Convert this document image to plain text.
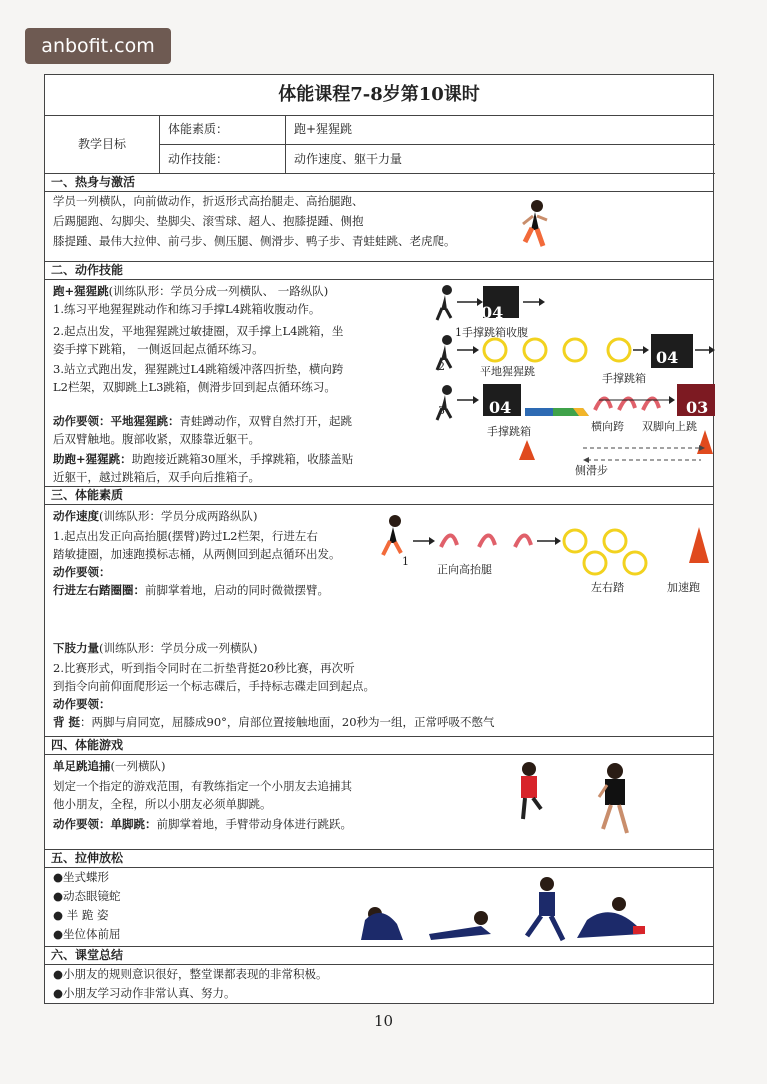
anbofit.com
体能课程7-8岁第10课时
教学目标
体能素质：	跑+猩猩跳
动作技能：	动作速度、躯干力量
一、热身与激活
学员一列横队，向前做动作，折返形式高抬腿走、高抬腿跑、
后踢腿跑、勾脚尖、垫脚尖、滚雪球、超人、抱膝提踵、侧抱
膝提踵、最伟大拉伸、前弓步、侧压腿、侧滑步、鸭子步、青蛙蛙跳、老虎爬。
二、动作技能
跑+猩猩跳(训练队形：学员分成一列横队、 一路纵队)
1.练习平地猩猩跳动作和练习手撑L4跳箱收腹动作。
2.起点出发，平地猩猩跳过敏捷圈，双手撑上L4跳箱，坐
姿手撑下跳箱， 一侧返回起点循环练习。
3.站立式跑出发，猩猩跳过L4跳箱缓冲落四折垫，横向跨
L2栏架，双脚跳上L3跳箱，侧滑步回到起点循环练习。
动作要领：平地猩猩跳：青蛙蹲动作，双臂自然打开，起跳
后双臂触地。腹部收紧，双膝靠近躯干。
助跑+猩猩跳：助跑接近跳箱30厘米，手撑跳箱，收膝盖贴
近躯干，越过跳箱后，双手向后推箱子。
04
1手撑跳箱收腹
2	平地猩猩跳
04
手撑跳箱
3	04	03
手撑跳箱	横向跨 双脚向上跳
侧滑步
三、体能素质
动作速度(训练队形：学员分成两路纵队)
1.起点出发正向高抬腿(摆臂)跨过L2栏架，行进左右
踏敏捷圈，加速跑摸标志桶，从两侧回到起点循环出发。
动作要领：
行进左右踏圈圈：前脚掌着地，启动的同时微微摆臂。
1
正向高抬腿
左右踏	加速跑
下肢力量(训练队形：学员分成一列横队)
2.比赛形式，听到指令同时在二折垫背挺20秒比赛，再次听
到指令向前仰面爬形运一个标志碟后，手持标志碟走回到起点。
动作要领：
背 挺：两脚与肩同宽，屈膝成90°，肩部位置接触地面，20秒为一组，正常呼吸不憋气
四、体能游戏
单足跳追捕(一列横队)
划定一个指定的游戏范围，有教练指定一个小朋友去追捕其
他小朋友，全程，所以小朋友必须单脚跳。
动作要领：单脚跳：前脚掌着地，手臂带动身体进行跳跃。
五、拉伸放松
●坐式蝶形
●动态眼镜蛇
● 半 跪 姿
●坐位体前屈
六、课堂总结
●小朋友的规则意识很好，整堂课都表现的非常积极。
●小朋友学习动作非常认真、努力。
10
